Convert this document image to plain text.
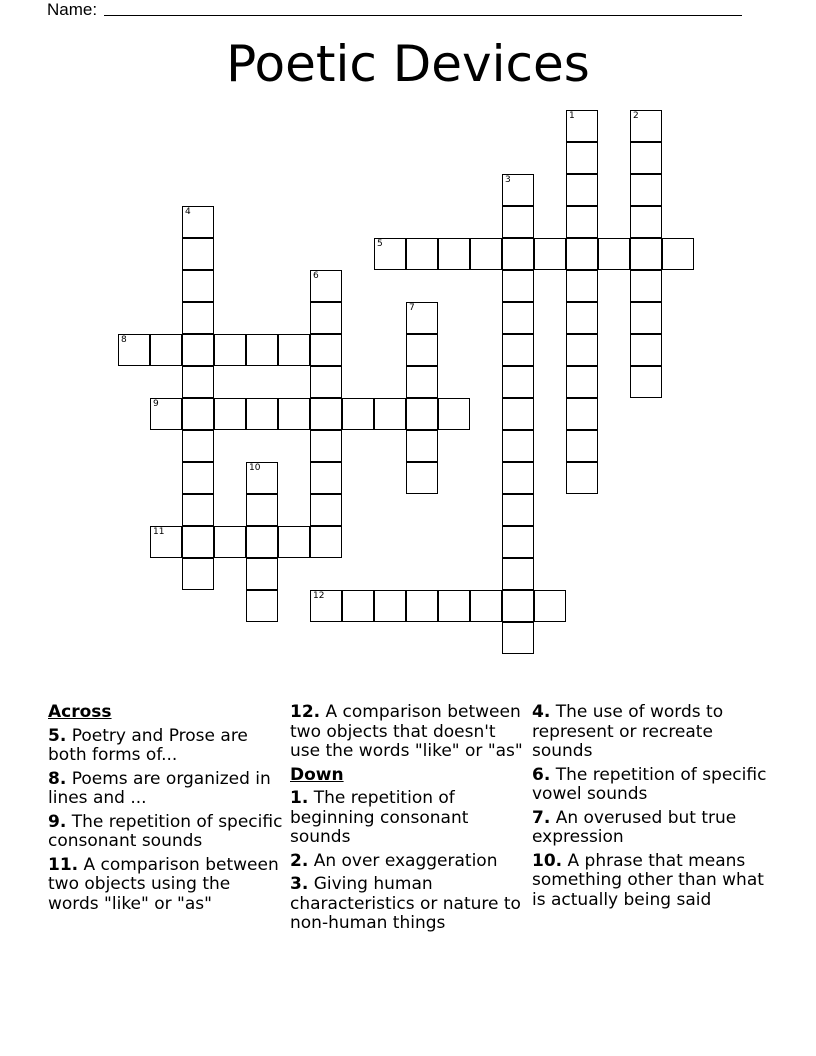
Name:
Poetic Devices
1	2
3
4
5
6
7
8
9
10
11
12
Across
5. Poetry and Prose are both forms of...
8. Poems are organized in lines and ...
9. The repetition of specific consonant sounds
11. A comparison between two objects using the words "like" or "as"
12. A comparison between two objects that doesn't use the words "like" or "as"
Down
1. The repetition of beginning consonant sounds
2. An over exaggeration
3. Giving human characteristics or nature to non-human things
4. The use of words to represent or recreate sounds
6. The repetition of specific vowel sounds
7. An overused but true expression
10. A phrase that means something other than what is actually being said
